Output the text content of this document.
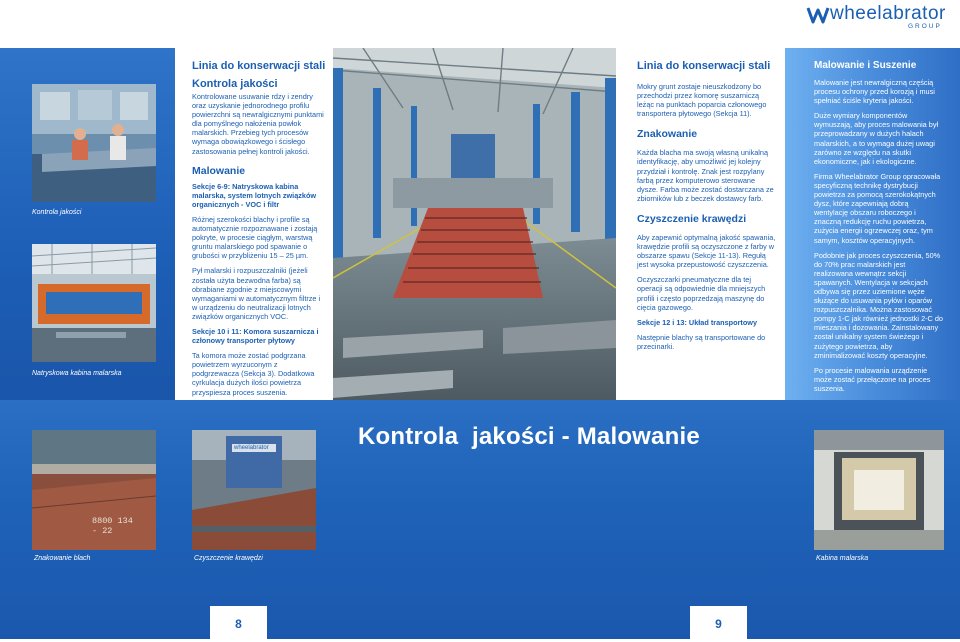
wheelabrator
GROUP
Kontrola jakości
Natryskowa kabina malarska
Linia do konserwacji stali
Kontrola jakości
Kontrolowane usuwanie rdzy i zendry oraz uzyskanie jednorodnego profilu powierzchni są newralgicznymi punktami dla pomyślnego nałożenia powłok malarskich. Przebieg tych procesów wymaga obowiązkowego i ścisłego zastosowania pełnej kontroli jakości.
Malowanie
Sekcje 6-9: Natryskowa kabina malarska, system lotnych związków organicznych - VOC i filtr
Różnej szerokości blachy i profile są automatycznie rozpoznawane i zostają pokryte, w procesie ciągłym, warstwą gruntu malarskiego pod spawanie o grubości w przybliżeniu 15 – 25 µm.
Pył malarski i rozpuszczalniki (jeżeli została użyta bezwodna farba) są obrabiane zgodnie z miejscowymi wymaganiami w automatycznym filtrze i w urządzeniu do neutralizacji lotnych związków organicznych VOC.
Sekcje 10 i 11: Komora suszarnicza i członowy transporter płytowy
Ta komora może zostać podgrzana powietrzem wyrzuconym z podgrzewacza (Sekcja 3). Dodatkowa cyrkulacja dużych ilości powietrza przyspiesza proces suszenia.
Linia do konserwacji stali
Mokry grunt zostaje nieuszkodzony bo przechodzi przez komorę suszarniczą leżąc na punktach poparcia członowego transportera płytowego (Sekcja 11).
Znakowanie
Każda blacha ma swoją własną unikalną identyfikację, aby umożliwić jej kolejny przydział i kontrolę. Znak jest rozpylany farbą przez komputerowo sterowane dysze. Farba może zostać dostarczana ze zbiorników lub z beczek dostawcy farb.
Czyszczenie krawędzi
Aby zapewnić optymalną jakość spawania, krawędzie profili są oczyszczone z farby w obszarze spawu (Sekcje 11-13). Regułą jest wysoka przepustowość czyszczenia.
Oczyszczarki pneumatyczne dla tej operacji są odpowiednie dla mniejszych profili i często poprzedzają maszynę do cięcia gazowego.
Sekcje 12 i 13: Układ transportowy
Następnie blachy są transportowane do przecinarki.
Malowanie i Suszenie
Malowanie jest newralgiczną częścią procesu ochrony przed korozją i musi spełniać ściśle kryteria jakości.
Duże wymiary komponentów wymuszają, aby proces malowania był przeprowadzany w dużych halach malarskich, a to wymaga dużej uwagi zarówno ze względu na skutki ekonomiczne, jak i ekologiczne.
Firma Wheelabrator Group opracowała specyficzną technikę dystrybucji powietrza za pomocą szerokokątnych dysz, które zapewniają dobrą wentylację obszaru roboczego i znaczną redukcję ruchu powietrza, zużycia energii ogrzewczej oraz, tym samym, kosztów operacyjnych.
Podobnie jak proces czyszczenia, 50% do 70% prac malarskich jest realizowana wewnątrz sekcji spawanych. Wentylacja w sekcjach odbywa się przez uziemione węże służące do usuwania pyłów i oparów rozpuszczalnika. Można zastosować pompy 1-C jak również jednostki 2-C do mieszania i dozowania. Zainstalowany został unikalny system świeżego i zużytego powietrza, aby zminimalizować koszty operacyjne.
Po procesie malowania urządzenie może zostać przełączone na proces suszenia.
8800 134 - 22
Znakowanie blach
wheelabrator
Czyszczenie krawędzi
Kontrola  jakości - Malowanie
Kabina malarska
8	9
